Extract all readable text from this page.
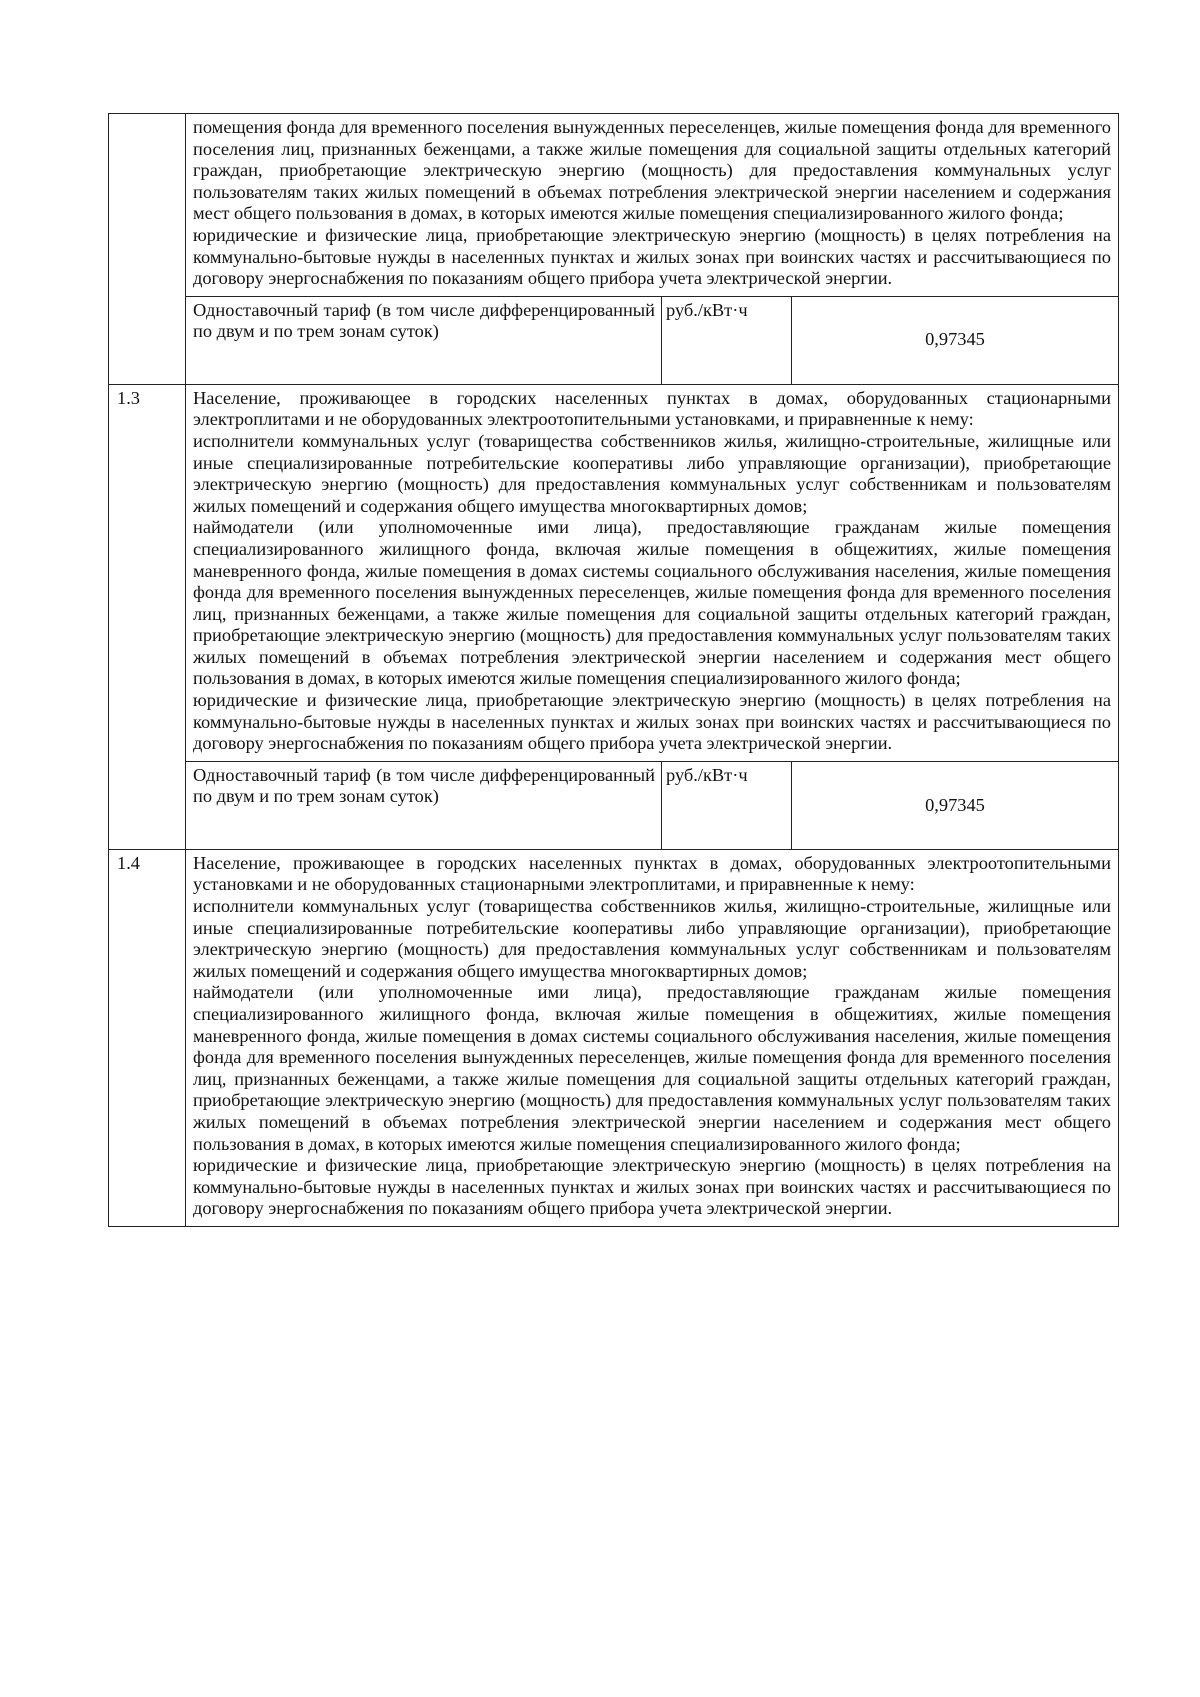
	помещения фонда для временного поселения вынужденных переселенцев, жилые помещения фонда для временного поселения лиц, признанных беженцами, а также жилые помещения для социальной защиты отдельных категорий граждан, приобретающие электрическую энергию (мощность) для предоставления коммунальных услуг пользователям таких жилых помещений в объемах потребления электрической энергии населением и содержания мест общего пользования в домах, в которых имеются жилые помещения специализированного жилого фонда;

юридические и физические лица, приобретающие электрическую энергию (мощность) в целях потребления на коммунально-бытовые нужды в населенных пунктах и жилых зонах при воинских частях и рассчитывающиеся по договору энергоснабжения по показаниям общего прибора учета электрической энергии.		

	Одноставочный тариф (в том числе дифференцированный по двум и по трем зонам суток)	руб./кВт·ч	0,97345
1.3	Население, проживающее в городских населенных пунктах в домах, оборудованных стационарными электроплитами и не оборудованных электроотопительными установками, и приравненные к нему:

исполнители коммунальных услуг (товарищества собственников жилья, жилищно-строительные, жилищные или иные специализированные потребительские кооперативы либо управляющие организации), приобретающие электрическую энергию (мощность) для предоставления коммунальных услуг собственникам и пользователям жилых помещений и содержания общего имущества многоквартирных домов;

наймодатели (или уполномоченные ими лица), предоставляющие гражданам жилые помещения специализированного жилищного фонда, включая жилые помещения в общежитиях, жилые помещения маневренного фонда, жилые помещения в домах системы социального обслуживания населения, жилые помещения фонда для временного поселения вынужденных переселенцев, жилые помещения фонда для временного поселения лиц, признанных беженцами, а также жилые помещения для социальной защиты отдельных категорий граждан, приобретающие электрическую энергию (мощность) для предоставления коммунальных услуг пользователям таких жилых помещений в объемах потребления электрической энергии населением и содержания мест общего пользования в домах, в которых имеются жилые помещения специализированного жилого фонда;

юридические и физические лица, приобретающие электрическую энергию (мощность) в целях потребления на коммунально-бытовые нужды в населенных пунктах и жилых зонах при воинских частях и рассчитывающиеся по договору энергоснабжения по показаниям общего прибора учета электрической энергии.		

	Одноставочный тариф (в том числе дифференцированный по двум и по трем зонам суток)	руб./кВт·ч	0,97345
1.4	Население, проживающее в городских населенных пунктах в домах, оборудованных электроотопительными установками и не оборудованных стационарными электроплитами, и приравненные к нему:

исполнители коммунальных услуг (товарищества собственников жилья, жилищно-строительные, жилищные или иные специализированные потребительские кооперативы либо управляющие организации), приобретающие электрическую энергию (мощность) для предоставления коммунальных услуг собственникам и пользователям жилых помещений и содержания общего имущества многоквартирных домов;

наймодатели (или уполномоченные ими лица), предоставляющие гражданам жилые помещения специализированного жилищного фонда, включая жилые помещения в общежитиях, жилые помещения маневренного фонда, жилые помещения в домах системы социального обслуживания населения, жилые помещения фонда для временного поселения вынужденных переселенцев, жилые помещения фонда для временного поселения лиц, признанных беженцами, а также жилые помещения для социальной защиты отдельных категорий граждан, приобретающие электрическую энергию (мощность) для предоставления коммунальных услуг пользователям таких жилых помещений в объемах потребления электрической энергии населением и содержания мест общего пользования в домах, в которых имеются жилые помещения специализированного жилого фонда;

юридические и физические лица, приобретающие электрическую энергию (мощность) в целях потребления на коммунально-бытовые нужды в населенных пунктах и жилых зонах при воинских частях и рассчитывающиеся по договору энергоснабжения по показаниям общего прибора учета электрической энергии.		
